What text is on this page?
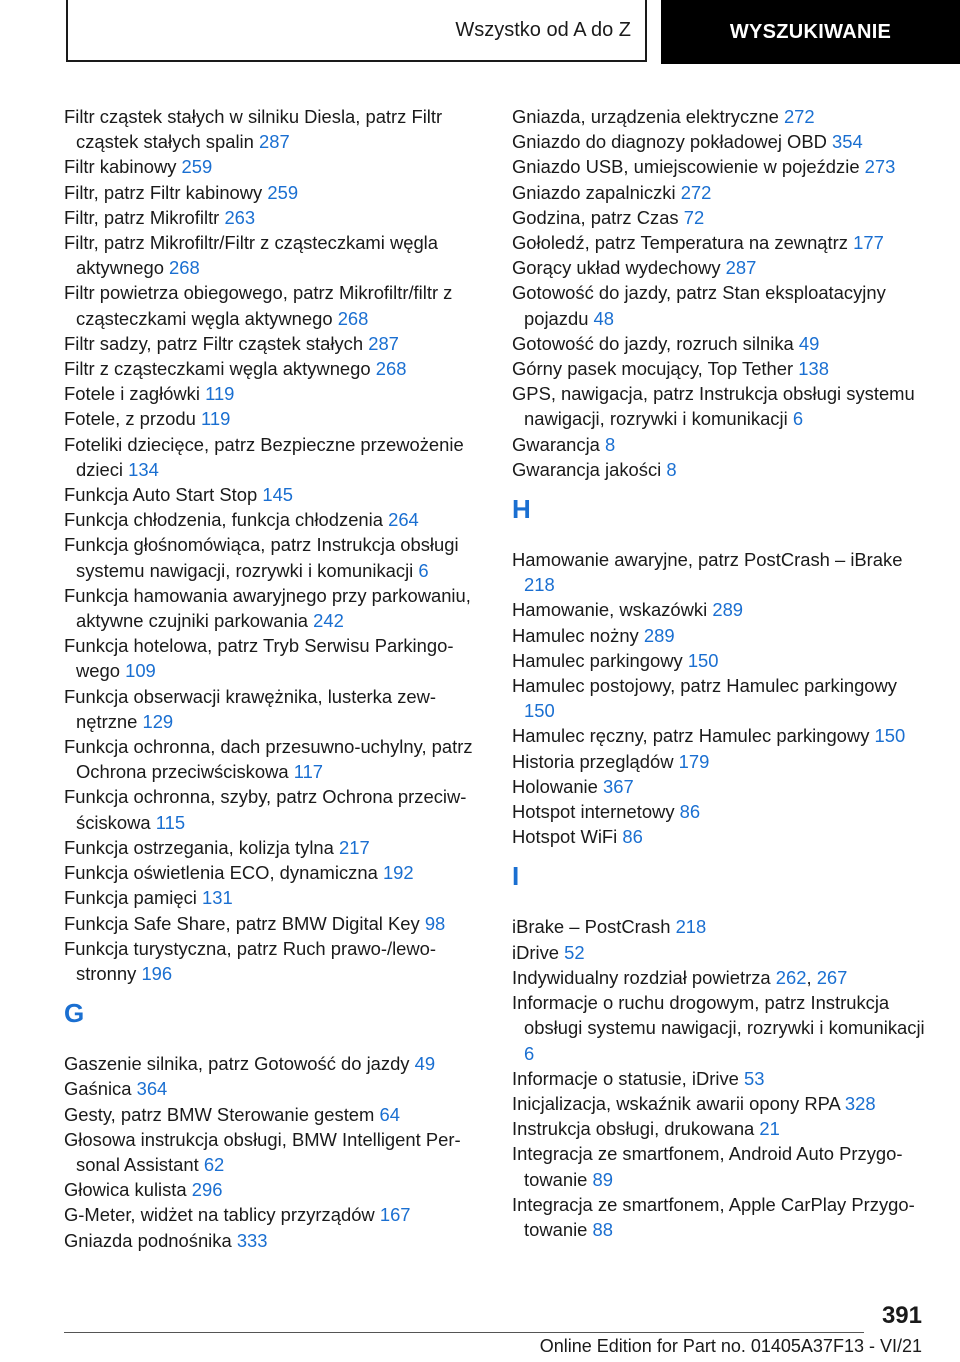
Wszystko od A do Z	WYSZUKIWANIE
Filtr cząstek stałych w silniku Diesla, patrz Filtr cząstek stałych spalin 287
Filtr kabinowy 259
Filtr, patrz Filtr kabinowy 259
Filtr, patrz Mikrofiltr 263
Filtr, patrz Mikrofiltr/Filtr z cząsteczkami węgla aktywnego 268
Filtr powietrza obiegowego, patrz Mikrofiltr/filtr z cząsteczkami węgla aktywnego 268
Filtr sadzy, patrz Filtr cząstek stałych 287
Filtr z cząsteczkami węgla aktywnego 268
Fotele i zagłówki 119
Fotele, z przodu 119
Foteliki dziecięce, patrz Bezpieczne przewożenie dzieci 134
Funkcja Auto Start Stop 145
Funkcja chłodzenia, funkcja chłodzenia 264
Funkcja głośnomówiąca, patrz Instrukcja obsługi systemu nawigacji, rozrywki i komunikacji 6
Funkcja hamowania awaryjnego przy parkowaniu, aktywne czujniki parkowania 242
Funkcja hotelowa, patrz Tryb Serwisu Parkingowego 109
Funkcja obserwacji krawężnika, lusterka zewnętrzne 129
Funkcja ochronna, dach przesuwno-uchylny, patrz Ochrona przeciwściskowa 117
Funkcja ochronna, szyby, patrz Ochrona przeciwściskowa 115
Funkcja ostrzegania, kolizja tylna 217
Funkcja oświetlenia ECO, dynamiczna 192
Funkcja pamięci 131
Funkcja Safe Share, patrz BMW Digital Key 98
Funkcja turystyczna, patrz Ruch prawo-/lewostronny 196
G
Gaszenie silnika, patrz Gotowość do jazdy 49
Gaśnica 364
Gesty, patrz BMW Sterowanie gestem 64
Głosowa instrukcja obsługi, BMW Intelligent Personal Assistant 62
Głowica kulista 296
G-Meter, widżet na tablicy przyrządów 167
Gniazda podnośnika 333
Gniazda, urządzenia elektryczne 272
Gniazdo do diagnozy pokładowej OBD 354
Gniazdo USB, umiejscowienie w pojeździe 273
Gniazdo zapalniczki 272
Godzina, patrz Czas 72
Gołoledź, patrz Temperatura na zewnątrz 177
Gorący układ wydechowy 287
Gotowość do jazdy, patrz Stan eksploatacyjny pojazdu 48
Gotowość do jazdy, rozruch silnika 49
Górny pasek mocujący, Top Tether 138
GPS, nawigacja, patrz Instrukcja obsługi systemu nawigacji, rozrywki i komunikacji 6
Gwarancja 8
Gwarancja jakości 8
H
Hamowanie awaryjne, patrz PostCrash – iBrake 218
Hamowanie, wskazówki 289
Hamulec nożny 289
Hamulec parkingowy 150
Hamulec postojowy, patrz Hamulec parkingowy 150
Hamulec ręczny, patrz Hamulec parkingowy 150
Historia przeglądów 179
Holowanie 367
Hotspot internetowy 86
Hotspot WiFi 86
I
iBrake – PostCrash 218
iDrive 52
Indywidualny rozdział powietrza 262, 267
Informacje o ruchu drogowym, patrz Instrukcja obsługi systemu nawigacji, rozrywki i komunikacji 6
Informacje o statusie, iDrive 53
Inicjalizacja, wskaźnik awarii opony RPA 328
Instrukcja obsługi, drukowana 21
Integracja ze smartfonem, Android Auto Przygotowanie 89
Integracja ze smartfonem, Apple CarPlay Przygotowanie 88
391
Online Edition for Part no. 01405A37F13 - VI/21
